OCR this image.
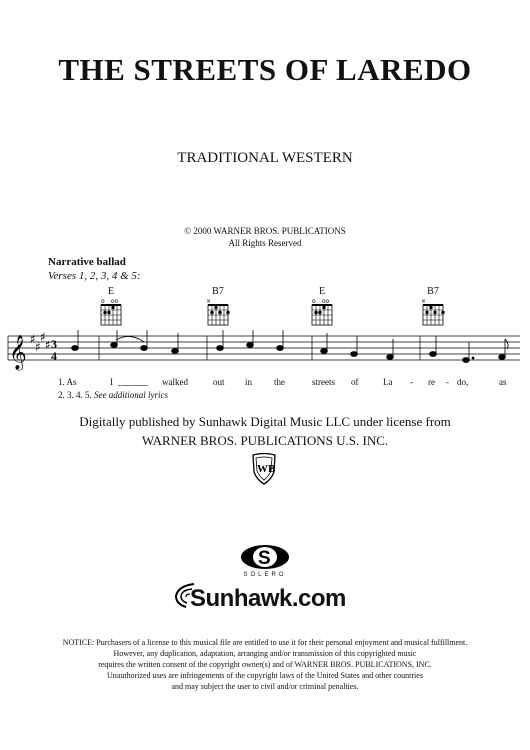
THE STREETS OF LAREDO
TRADITIONAL WESTERN
© 2000 WARNER BROS. PUBLICATIONS
All Rights Reserved
Narrative ballad
Verses 1, 2, 3, 4 & 5:
E	B7	E	B7
o oo	×	o oo	×
𝄞 ♯
♯
♯
♯ 3
4
1. As	I	walked	out in the	streets of	La - re - do,	as
2. 3. 4. 5. See additional lyrics
Digitally published by Sunhawk Digital Music LLC under license from
WARNER BROS. PUBLICATIONS U.S. INC.
WB
S
SOLERO
Sunhawk.com
NOTICE: Purchasers of a license to this musical file are entitled to use it for their personal enjoyment and musical fulfillment.
However, any duplication, adaptation, arranging and/or transmission of this copyrighted music
requires the written consent of the copyright owner(s) and of WARNER BROS. PUBLICATIONS, INC.
Unauthorized uses are infringements of the copyright laws of the United States and other countries
and may subject the user to civil and/or criminal penalties.
